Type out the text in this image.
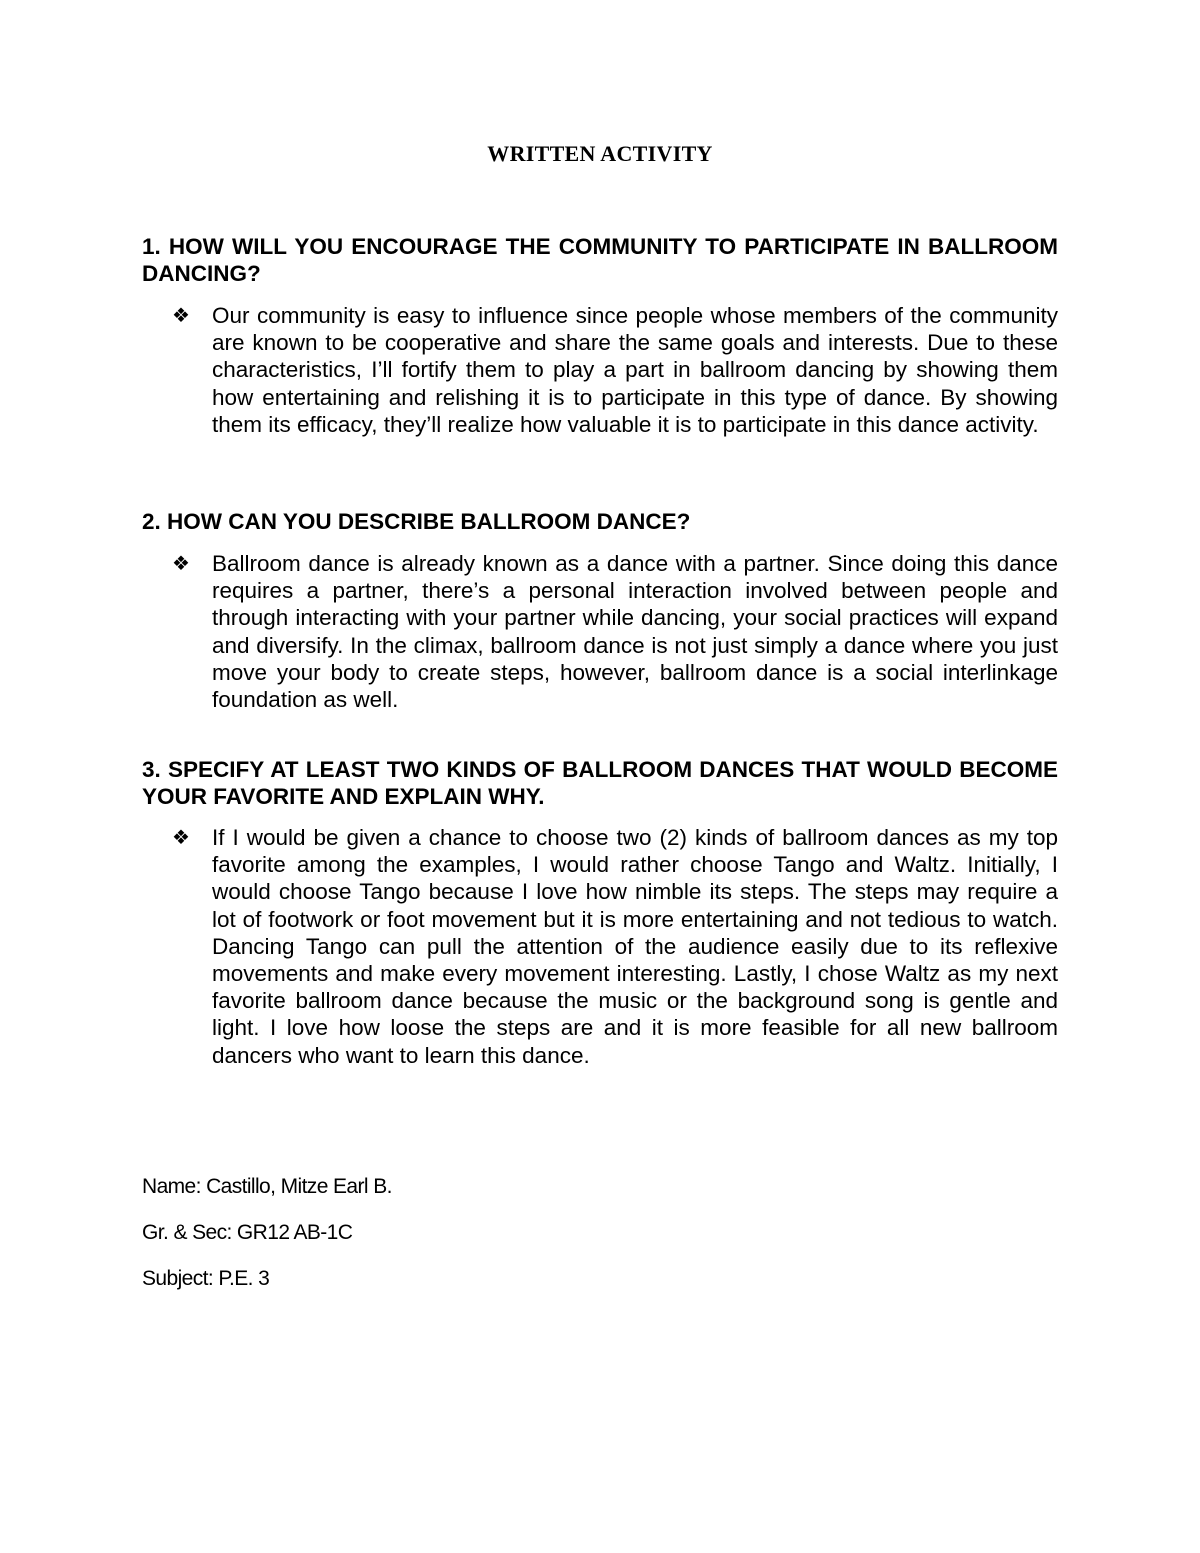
WRITTEN ACTIVITY
1. HOW WILL YOU ENCOURAGE THE COMMUNITY TO PARTICIPATE IN BALLROOM DANCING?
❖ Our community is easy to influence since people whose members of the community are known to be cooperative and share the same goals and interests. Due to these characteristics, I’ll fortify them to play a part in ballroom dancing by showing them how entertaining and relishing it is to participate in this type of dance. By showing them its efficacy, they’ll realize how valuable it is to participate in this dance activity.
2. HOW CAN YOU DESCRIBE BALLROOM DANCE?
❖ Ballroom dance is already known as a dance with a partner. Since doing this dance requires a partner, there’s a personal interaction involved between people and through interacting with your partner while dancing, your social practices will expand and diversify. In the climax, ballroom dance is not just simply a dance where you just move your body to create steps, however, ballroom dance is a social interlinkage foundation as well.
3. SPECIFY AT LEAST TWO KINDS OF BALLROOM DANCES THAT WOULD BECOME YOUR FAVORITE AND EXPLAIN WHY.
❖ If I would be given a chance to choose two (2) kinds of ballroom dances as my top favorite among the examples, I would rather choose Tango and Waltz. Initially, I would choose Tango because I love how nimble its steps. The steps may require a lot of footwork or foot movement but it is more entertaining and not tedious to watch. Dancing Tango can pull the attention of the audience easily due to its reflexive movements and make every movement interesting. Lastly, I chose Waltz as my next favorite ballroom dance because the music or the background song is gentle and light. I love how loose the steps are and it is more feasible for all new ballroom dancers who want to learn this dance.
Name: Castillo, Mitze Earl B.
Gr. & Sec: GR12 AB-1C
Subject: P.E. 3
